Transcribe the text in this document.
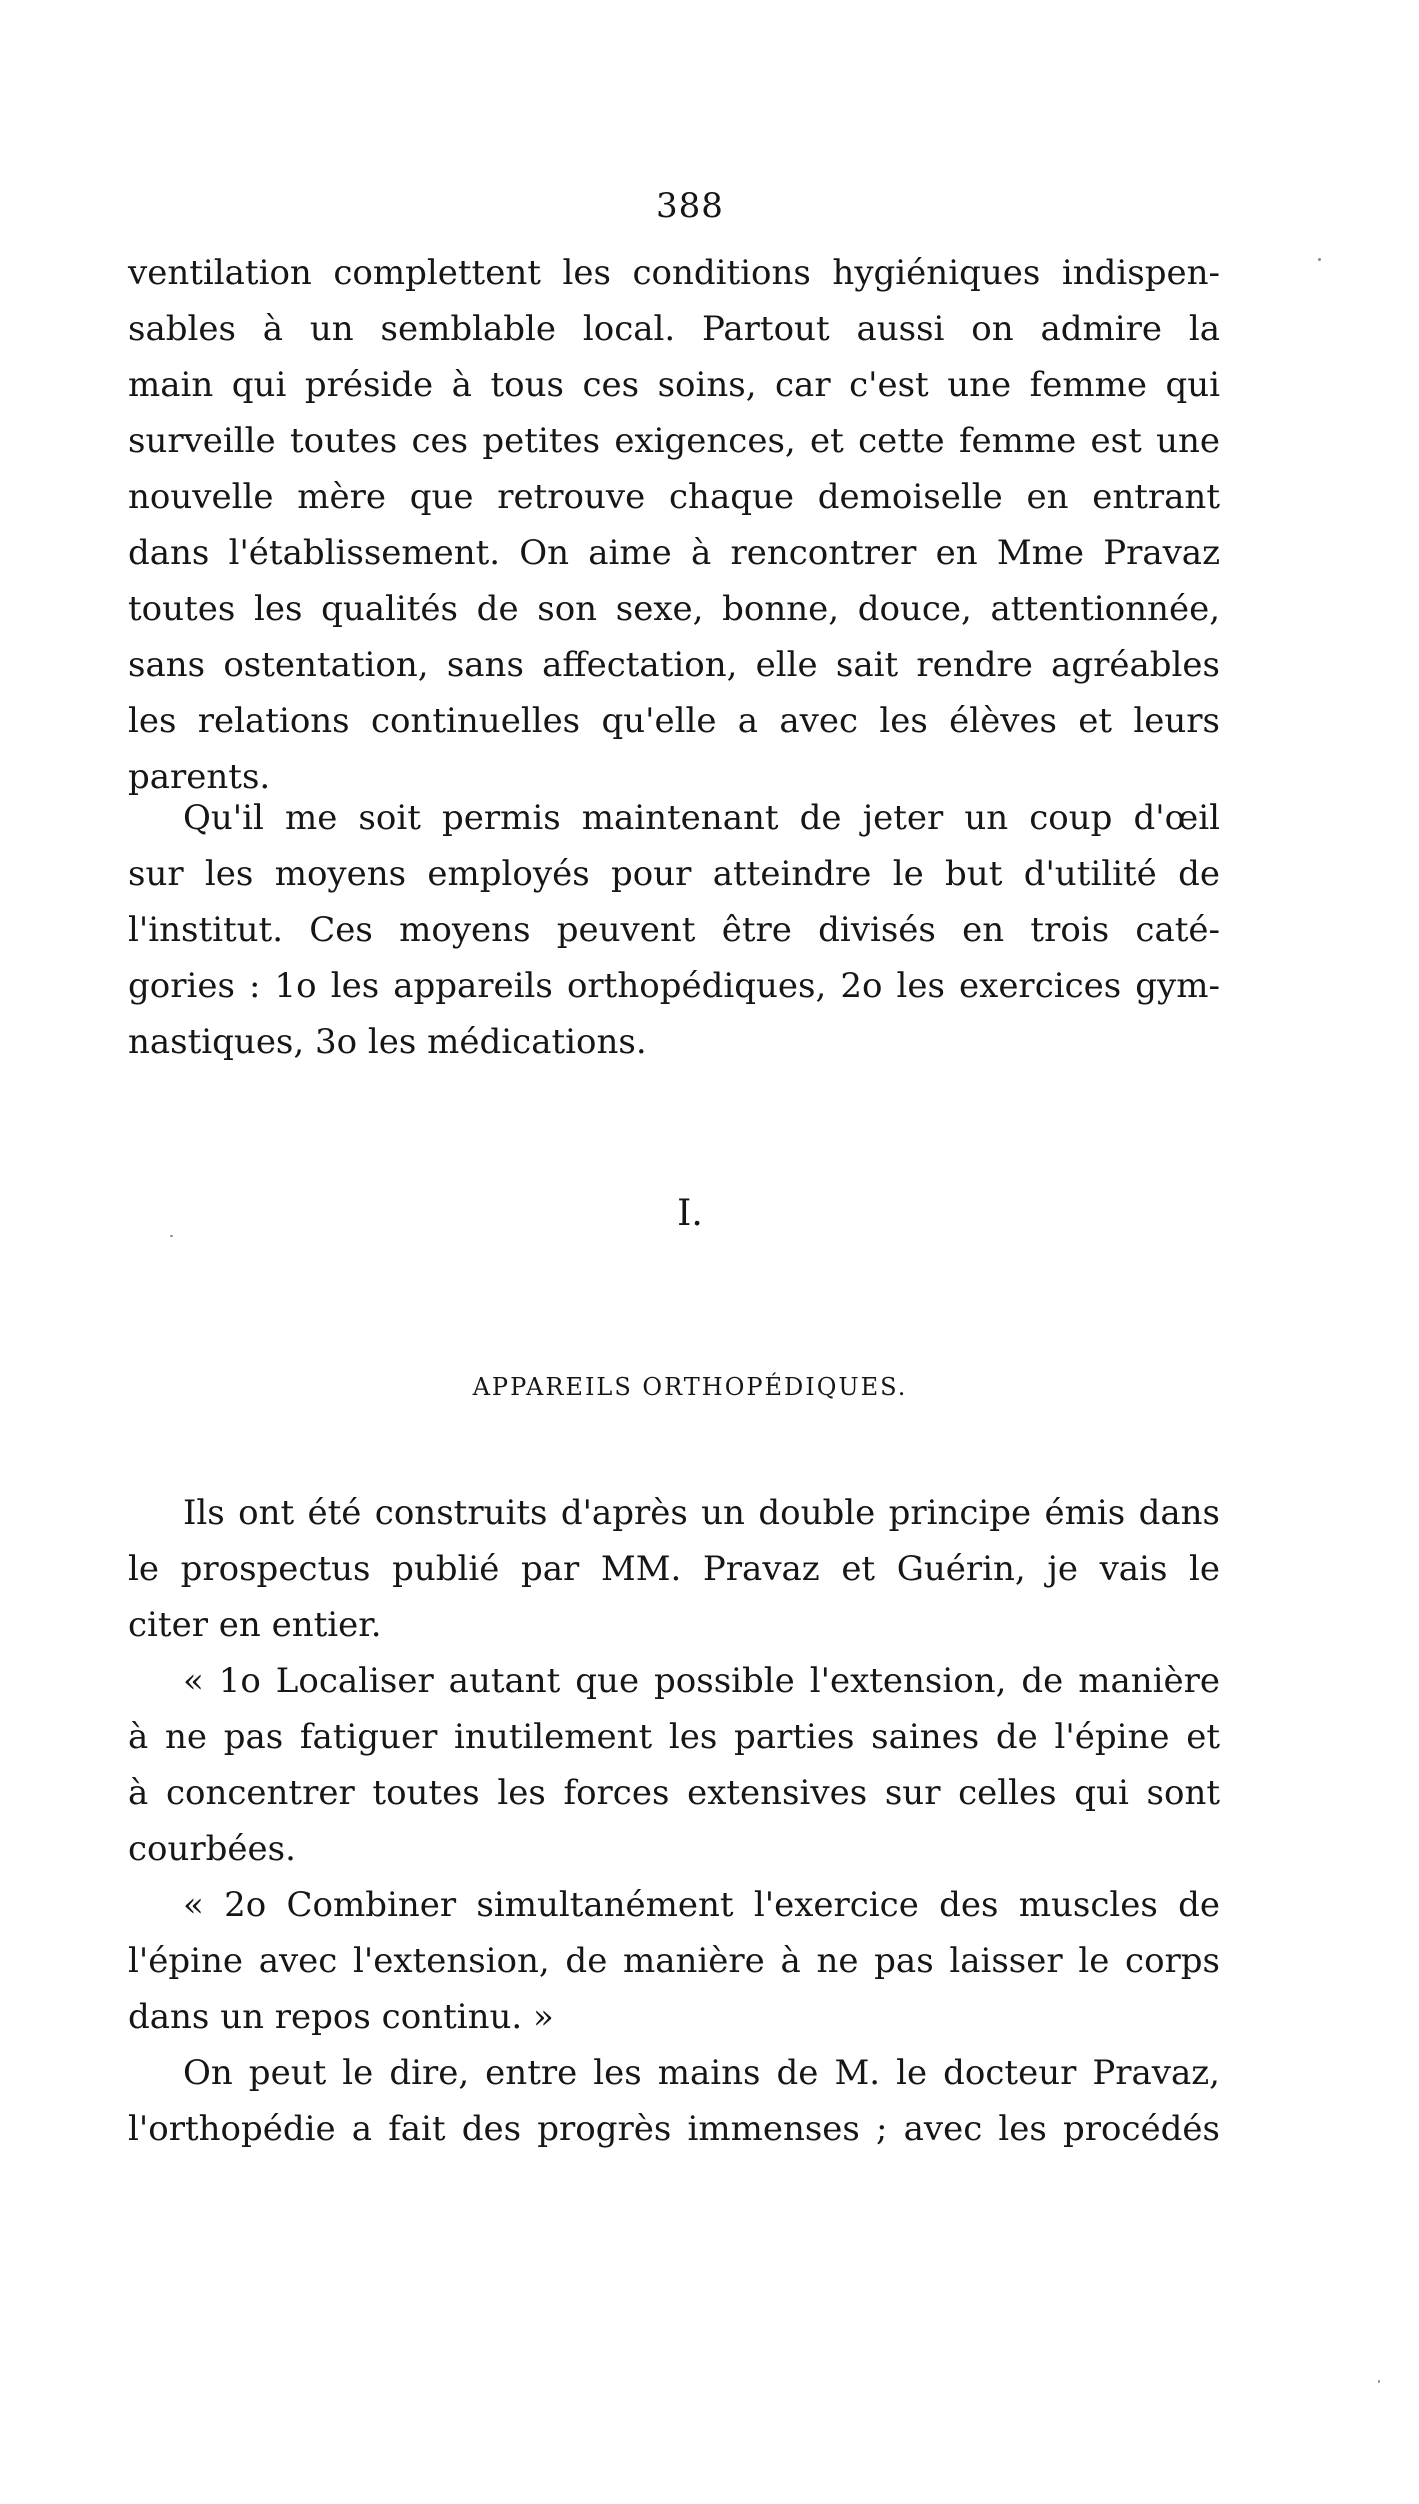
388
ventilation complettent les conditions hygiéniques indispen-
sables à un semblable local. Partout aussi on admire la
main qui préside à tous ces soins, car c'est une femme qui
surveille toutes ces petites exigences, et cette femme est une
nouvelle mère que retrouve chaque demoiselle en entrant
dans l'établissement. On aime à rencontrer en Mme Pravaz
toutes les qualités de son sexe, bonne, douce, attentionnée,
sans ostentation, sans affectation, elle sait rendre agréables
les relations continuelles qu'elle a avec les élèves et leurs
parents.
Qu'il me soit permis maintenant de jeter un coup d'œil
sur les moyens employés pour atteindre le but d'utilité de
l'institut. Ces moyens peuvent être divisés en trois caté-
gories : 1o les appareils orthopédiques, 2o les exercices gym-
nastiques, 3o les médications.
I.
APPAREILS ORTHOPÉDIQUES.
Ils ont été construits d'après un double principe émis dans
le prospectus publié par MM. Pravaz et Guérin, je vais le
citer en entier.
« 1o Localiser autant que possible l'extension, de manière
à ne pas fatiguer inutilement les parties saines de l'épine et
à concentrer toutes les forces extensives sur celles qui sont
courbées.
« 2o Combiner simultanément l'exercice des muscles de
l'épine avec l'extension, de manière à ne pas laisser le corps
dans un repos continu. »
On peut le dire, entre les mains de M. le docteur Pravaz,
l'orthopédie a fait des progrès immenses ; avec les procédés
